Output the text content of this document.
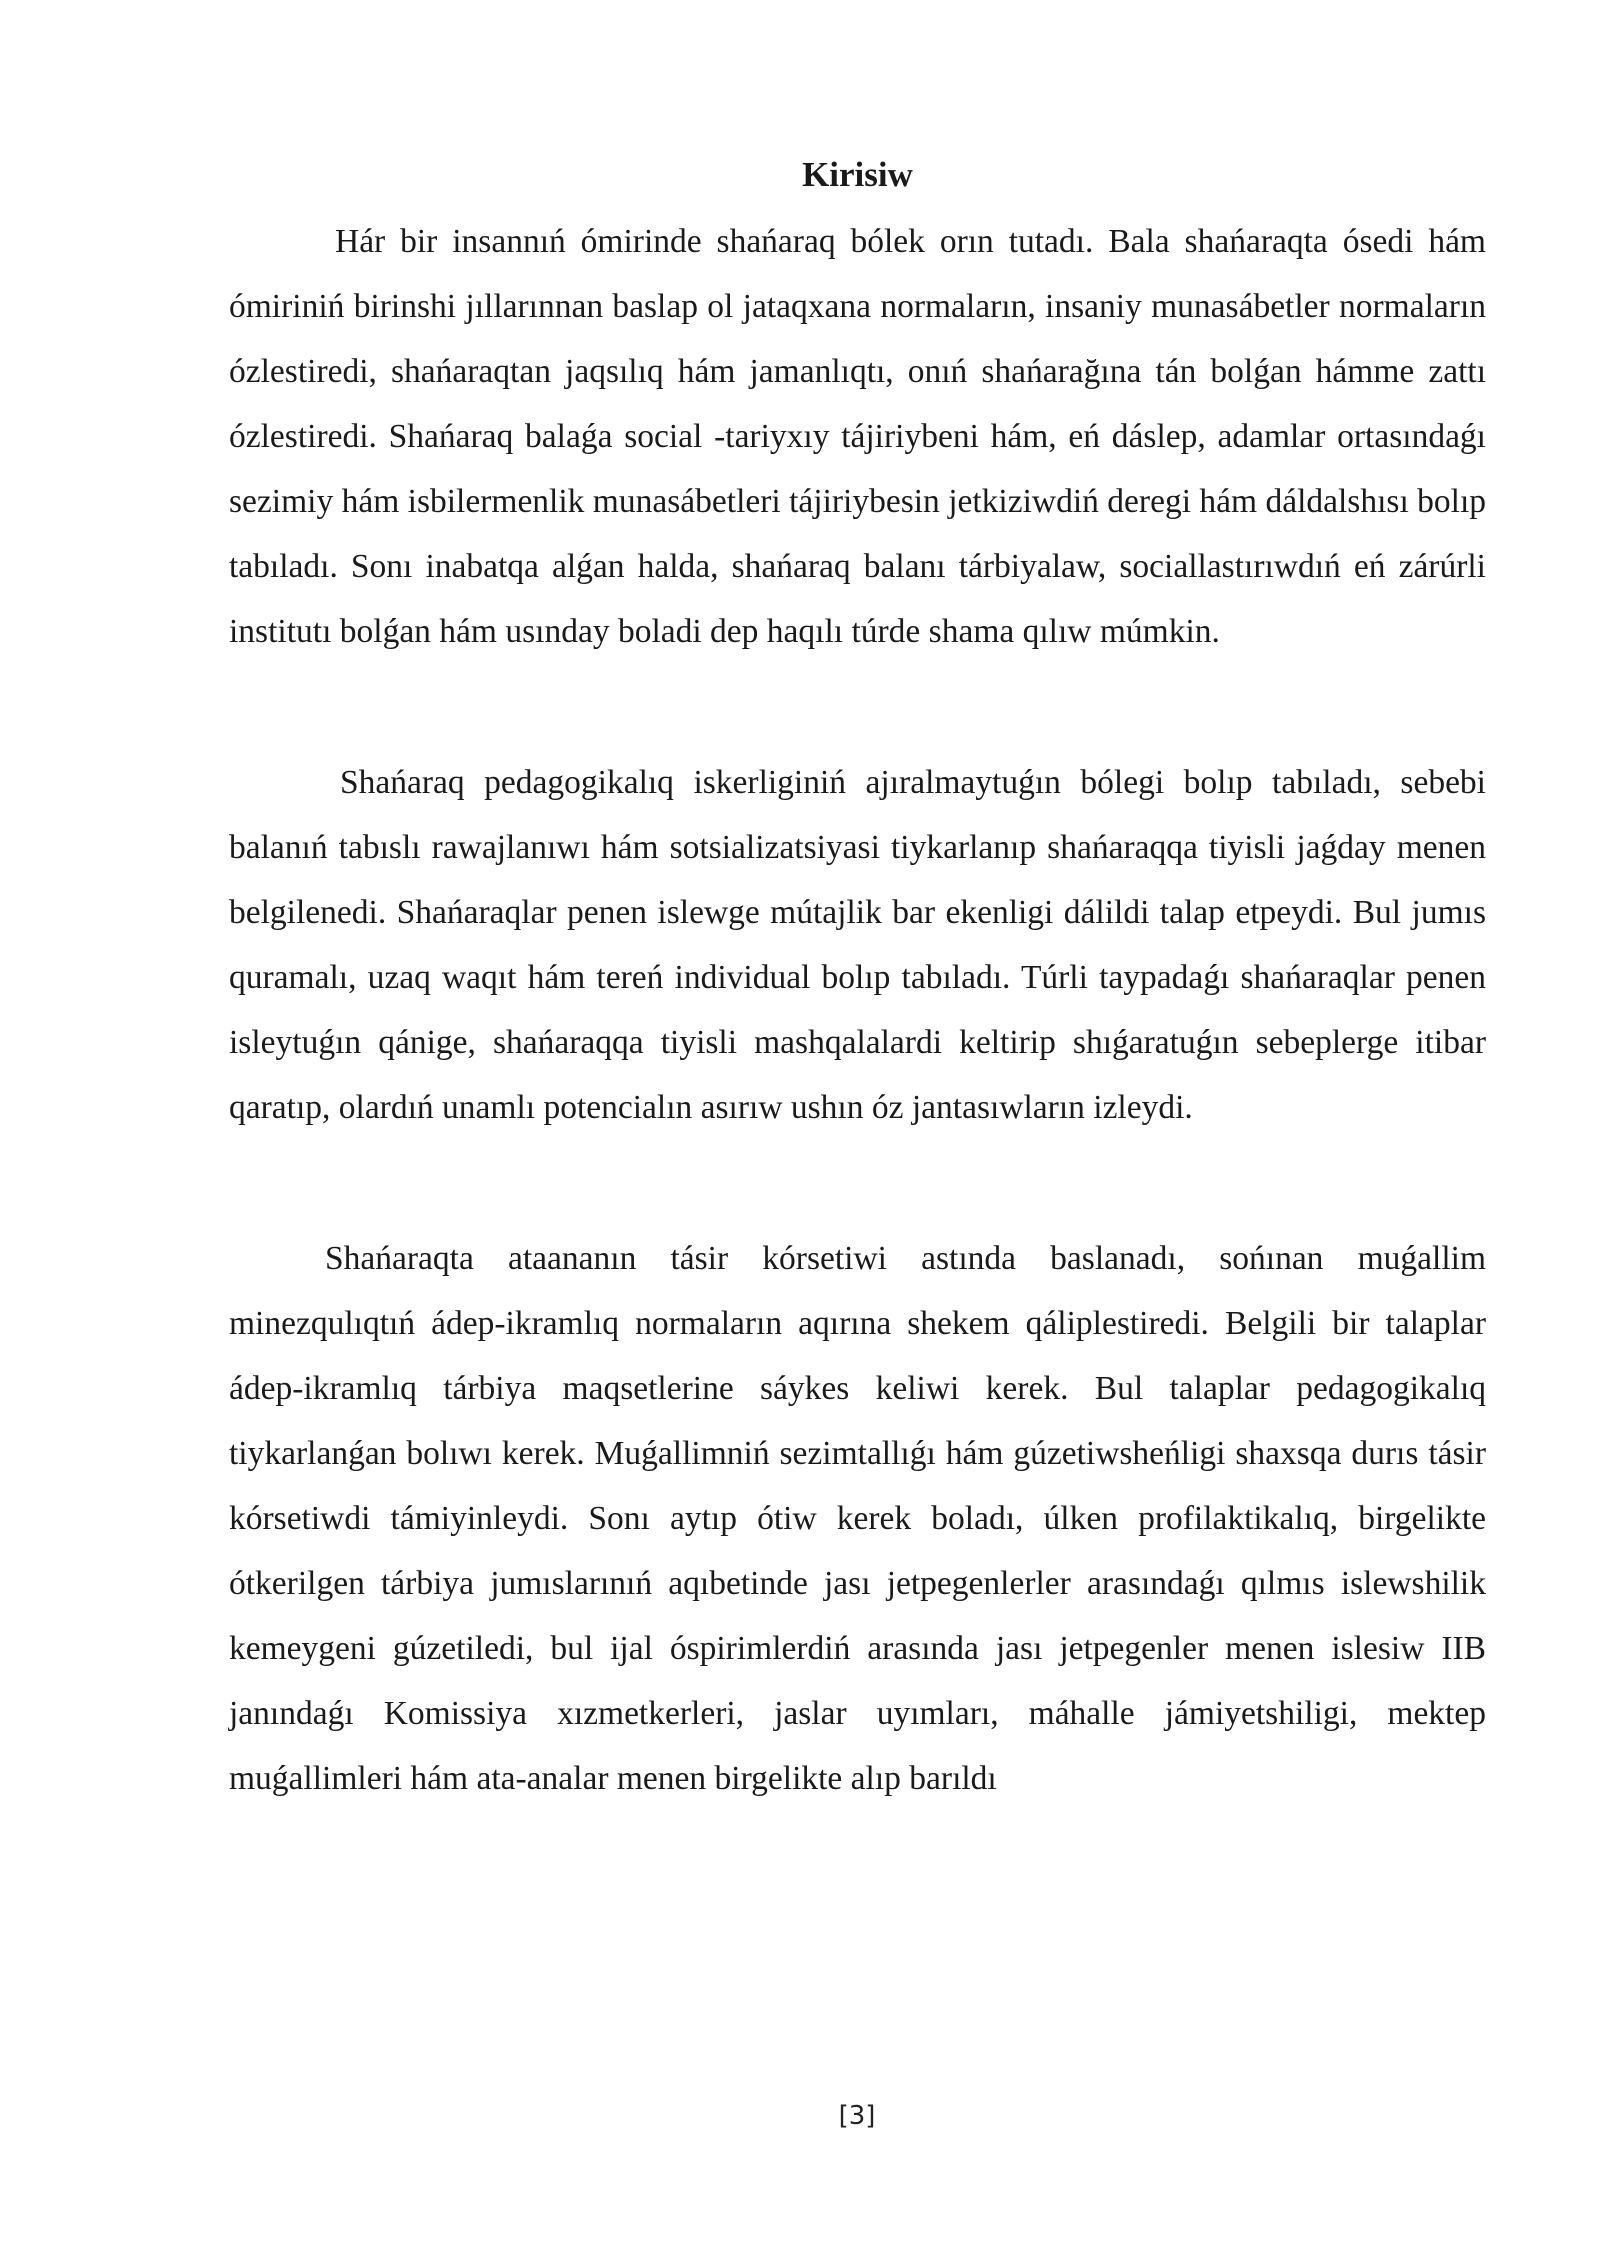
Kirisiw

Hár bir insannıń ómirinde shańaraq bólek orın tutadı. Bala shańaraqta ósedi hám ómiriniń birinshi jıllarınnan baslap ol jataqxana normaların, insaniy munasábetler normaların ózlestiredi, shańaraqtan jaqsılıq hám jamanlıqtı, onıń shańarağına tán bolǵan hámme zattı ózlestiredi. Shańaraq balaǵa social -tariyxıy tájiriybeni hám, eń dáslep, adamlar ortasındaǵı sezimiy hám isbilermenlik munasábetleri tájiriybesin jetkiziwdiń deregi hám dáldalshısı bolıp tabıladı. Sonı inabatqa alǵan halda, shańaraq balanı tárbiyalaw, sociallastırıwdıń eń zárúrli institutı bolǵan hám usınday boladi dep haqılı túrde shama qılıw múmkin.

Shańaraq pedagogikalıq iskerliginiń ajıralmaytuǵın bólegi bolıp tabıladı, sebebi balanıń tabıslı rawajlanıwı hám sotsializatsiyasi tiykarlanıp shańaraqqa tiyisli jaǵday menen belgilenedi. Shańaraqlar penen islewge mútajlik bar ekenligi dálildi talap etpeydi. Bul jumıs quramalı, uzaq waqıt hám tereń individual bolıp tabıladı. Túrli taypadaǵı shańaraqlar penen isleytuǵın qánige, shańaraqqa tiyisli mashqalalardi keltirip shıǵaratuǵın sebeplerge itibar qaratıp, olardıń unamlı potencialın asırıw ushın óz jantasıwların izleydi.

Shańaraqta ataananın tásir kórsetiwi astında baslanadı, sońınan muǵallim minezqulıqtıń ádep-ikramlıq normaların aqırına shekem qáliplestiredi. Belgili bir talaplar ádep-ikramlıq tárbiya maqsetlerine sáykes keliwi kerek. Bul talaplar pedagogikalıq tiykarlanǵan bolıwı kerek. Muǵallimniń sezimtallıǵı hám gúzetiwsheńligi shaxsqa durıs tásir kórsetiwdi támiyinleydi. Sonı aytıp ótiw kerek boladı, úlken profilaktikalıq, birgelikte ótkerilgen tárbiya jumıslarınıń aqıbetinde jası jetpegenlerler arasındaǵı qılmıs islewshilik kemeygeni gúzetiledi, bul ijal óspirimlerdiń arasında jası jetpegenler menen islesiw IIB janındaǵı Komissiya xızmetkerleri, jaslar uyımları, máhalle jámiyetshiligi, mektep muǵallimleri hám ata-analar menen birgelikte alıp barıldı

[3]
